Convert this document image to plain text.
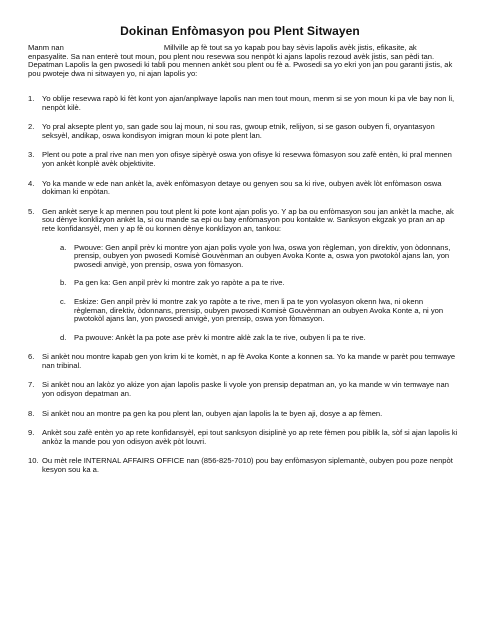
Dokinan Enfòmasyon pou Plent Sitwayen

Manm nan	Millville ap fè tout sa yo kapab pou bay sèvis lapolis avèk jistis, efikasite, ak enpasyalite. Sa nan enterè tout moun, pou plent nou resevwa sou nenpòt ki ajans lapolis rezoud avèk jistis, san pèdi tan. Depatman Lapolis la gen pwosedi ki tabli pou mennen ankèt sou plent ou fè a. Pwosedi sa yo ekri yon jan pou garanti jistis, ak pou pwoteje dwa ni sitwayen yo, ni ajan lapolis yo:

1. Yo oblije resevwa rapò ki fèt kont yon ajan/anplwaye lapolis nan men tout moun, menm si se yon moun ki pa vle bay non li, nenpòt kilè.
2. Yo pral aksepte plent yo, san gade sou laj moun, ni sou ras, gwoup etnik, relijyon, si se gason oubyen fi, oryantasyon seksyèl, andikap, oswa kondisyon imigran moun ki pote plent lan.
3. Plent ou pote a pral rive nan men yon ofisye sipèryè oswa yon ofisye ki resevwa fòmasyon sou zafè entèn, ki pral mennen yon ankèt konplè avèk objektivite.
4. Yo ka mande w ede nan ankèt la, avèk enfòmasyon detaye ou genyen sou sa ki rive, oubyen avèk lòt enfòmason oswa dokiman ki enpòtan.
5. Gen ankèt serye k ap mennen pou tout plent ki pote kont ajan polis yo. Y ap ba ou enfòmasyon sou jan ankèt la mache, ak sou dènye konklizyon ankèt la, si ou mande sa epi ou bay enfòmasyon pou kontakte w. Sanksyon ekgzak yo pran an ap rete konfidansyèl, men y ap fè ou konnen dènye konklizyon an, tankou:
a. Pwouve: Gen anpil prèv ki montre yon ajan polis vyole yon lwa, oswa yon règleman, yon direktiv, yon òdonnans, prensip, oubyen yon pwosedi Komisè Gouvènman an oubyen Avoka Konte a, oswa yon pwotokòl ajans lan, yon pwosedi anvigè, yon prensip, oswa yon fòmasyon.
b. Pa gen ka: Gen anpil prèv ki montre zak yo rapòte a pa te rive.
c. Eskize: Gen anpil prèv ki montre zak yo rapòte a te rive, men li pa te yon vyolasyon okenn lwa, ni okenn règleman, direktiv, òdonnans, prensip, oubyen pwosedi Komisè Gouvènman an oubyen Avoka Konte a, ni yon pwotokòl ajans lan, yon pwosedi anvigè, yon prensip, oswa yon fòmasyon.
d. Pa pwouve: Ankèt la pa pote ase prèv ki montre aklè zak la te rive, oubyen li pa te rive.
6. Si ankèt nou montre kapab gen yon krim ki te komèt, n ap fè Avoka Konte a konnen sa. Yo ka mande w parèt pou temwaye nan tribinal.
7. Si ankèt nou an lakòz yo akize yon ajan lapolis paske li vyole yon prensip depatman an, yo ka mande w vin temwaye nan yon odisyon depatman an.
8. Si ankèt nou an montre pa gen ka pou plent lan, oubyen ajan lapolis la te byen aji, dosye a ap fèmen.
9. Ankèt sou zafè entèn yo ap rete konfidansyèl, epi tout sanksyon disiplinè yo ap rete fèmen pou piblik la, sòf si ajan lapolis ki ankòz la mande pou yon odisyon avèk pòt louvri.
10. Ou mèt rele INTERNAL AFFAIRS OFFICE nan (856-825-7010) pou bay enfòmasyon siplemantè, oubyen pou poze nenpòt kesyon sou ka a.
